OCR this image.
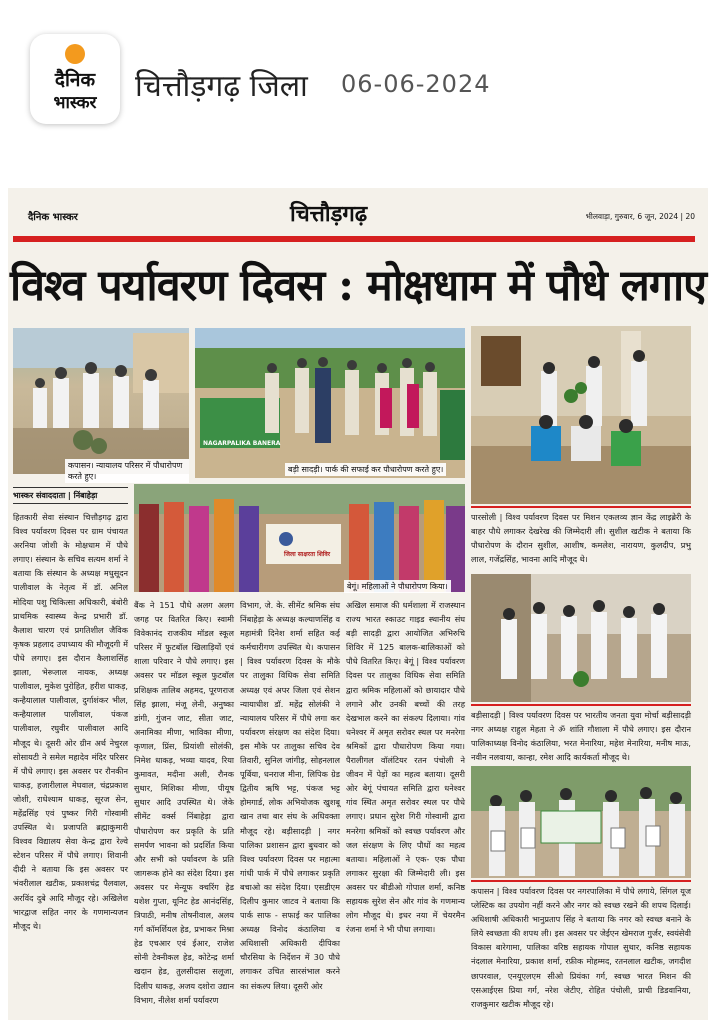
दैनिक
भास्कर	चित्तौड़गढ़ जिला 06-06-2024
दैनिक भास्कर	चित्तौड़गढ़	भीलवाड़ा, गुरुवार, 6 जून, 2024 | 20
विश्व पर्यावरण दिवस : मोक्षधाम में पौधे लगाए
कपासन। न्यायालय परिसर में पौधारोपण करते हुए।
NAGARPALIKA BANERA
बड़ी सादड़ी। पार्क की सफाई कर पौधारोपण करते हुए।
जिला साक्षरता शिविर
बेगूं। महिलाओं ने पौधारोपण किया।
भास्कर संवाददाता | निंबाहेड़ा
हितकारी सेवा संस्थान चित्तौड़गढ़ द्वारा विश्व पर्यावरण दिवस पर ग्राम पंचायत अरनिया जोशी के मोक्षधाम में पौधे लगाए। संस्थान के सचिव सत्यम शर्मा ने बताया कि संस्थान के अध्यक्ष मधुसूदन पालीवाल के नेतृत्व में डॉ. अनिल मोदिया पशु चिकित्सा अधिकारी, बंबोरी प्राथमिक स्वास्थ्य केन्द्र प्रभारी डॉ. कैलाश चारण एवं प्रगतिशील जैविक कृषक प्रहलाद उपाध्याय की मौजूदगी में पौधे लगाए। इस दौरान कैलाशसिंह झाला, भेरूलाल नायक, अध्यक्ष पालीवाल, मुकेश पुरोहित, हरीश धाकड़, कन्हैयालाल पालीवाल, दुर्गाशंकर भील, कन्हैयालाल पालीवाल, पंकज पालीवाल, रघुवीर पालीवाल आदि मौजूद थे। दूसरी ओर ग्रीन अर्थ नेचुरल सोसायटी ने समेल महादेव मंदिर परिसर में पौधे लगाए। इस अवसर पर रौनकीन धाकड़, हजारीलाल मेघवाल, चंद्रप्रकाश जोशी, राधेश्याम धाकड़, सूरज सेन, महेंद्रसिंह एवं पुष्कर गिरी गोस्वामी उपस्थित थे। प्रजापति ब्रह्माकुमारी विश्वव विद्यालय सेवा केन्द्र द्वारा रेल्वे स्टेशन परिसर में पौधे लगाए। शिवानी दीदी ने बताया कि इस अवसर पर भंवरीलाल खटीक, प्रकाशचंद्र पैलवाल, अरविंद दुबे आदि मौजूद रहे। अखिलेश भारद्वाज सहित नगर के गणमान्यजन मौजूद थे।
बैंक ने 151 पौधे अलग अलग जगह पर वितरित किए। स्वामी विवेकानंद राजकीय मॉडल स्कूल परिसर में फुटबॉल खिलाड़ियों एवं शाला परिवार ने पौधे लगाए। इस अवसर पर मॉडल स्कूल फुटबॉल प्रशिक्षक तालिब अहमद, पूरणराज सिंह झाला, मंजू लेनी, अनुष्का डांगी, गुंजन जाट, सीता जाट, अनामिका मीणा, भाविका मीणा, कृणाल, प्रिंस, प्रियांशी सोलंकी, निमेश धाकड़, भव्या यादव, रिया कुमावत, मदीना अली, रौनक सुथार, मिशिका मीणा, पीयूष सुथार आदि उपस्थित थे। जेके सीमेंट वर्क्स निंबाहेड़ा द्वारा पौधारोपण कर प्रकृति के प्रति समर्पण भावना को प्रदर्शित किया और सभी को पर्यावरण के प्रति जागरूक होने का संदेश दिया। इस अवसर पर मेन्यूफ क्चरिंग हेड यशेश गुप्ता, यूनिट हेड आनंदसिंह, त्रिपाठी, मनीष तोषनीवाल, अलय गर्ग कॉमर्शियल हेड, प्रभाकर मिश्रा हेड एचआर एवं ईआर, राजेश सोनी टेक्नीकल हेड, कोटेन्द्र शर्मा खदान हेड, तुलसीदास सलूजा, दिलीप धाकड़, अजय दशोरा उद्यान विभाग, नीलेश शर्मा पर्यावरण
विभाग, जे. के. सीमेंट श्रमिक संघ निंबाहेड़ा के अध्यक्ष कल्याणसिंह व महामंत्री दिनेश शर्मा सहित कई कर्मचारीगण उपस्थित थे। कपासन | विश्व पर्यावरण दिवस के मौके पर तालुका विधिक सेवा समिति अध्यक्ष एवं अपर जिला एवं सेशन न्यायाधीश डॉ. महेंद्र सोलंकी ने न्यायालय परिसर में पौधे लगा कर पर्यावरण संरक्षण का संदेश दिया। इस मौके पर तालुका सचिव देव तिवारी, सुनिल जांगीड़, सोहनलाल पूर्बिया, धनराज मीना, लिपिक ग्रेड द्वितीय ऋषि भट्ट, पंकज भट्ट होमगार्ड, लोक अभियोजक खुशबू खान तथा बार संघ के अधिवक्ता मौजूद रहे। बड़ीसादड़ी | नगर पालिका प्रशासन द्वारा बुधवार को विश्व पर्यावरण दिवस पर महात्मा गांधी पार्क में पौधे लगाकर प्रकृति बचाओ का संदेश दिया। एसडीएम दिलीप कुमार जाटव ने बताया कि पार्क साफ - सफाई कर पालिका अध्यक्ष विनोद कंठालिया व अधिशासी अधिकारी दीपिका चौरसिया के निर्देशन में 30 पौधे लगाकर उचित सारसंभाल करने का संकल्प लिया। दूसरी ओर
अखिल समाज की धर्मशाला में राजस्थान राज्य भारत स्काउट गाइड स्थानीय संघ बड़ी सादड़ी द्वारा आयोजित अभिरुचि शिविर में 125 बालक-बालिकाओं को पौधे वितरित किए। बेगूं | विश्व पर्यावरण दिवस पर तालुका विधिक सेवा समिति द्वारा श्रमिक महिलाओं को छायादार पौधे लगाने और उनकी बच्चों की तरह देखभाल करने का संकल्प दिलाया। गांव धनेश्वर में अमृत सरोवर स्थल पर मनरेगा श्रमिकों द्वारा पौधारोपण किया गया। पैरालीगल वॉलंटियर रतन पंचोली ने जीवन में पेड़ों का महत्व बताया। दूसरी ओर बेगूं पंचायत समिति द्वारा धनेश्वर गांव स्थित अमृत सरोवर स्थल पर पौधे लगाए। प्रधान सुरेश गिरी गोस्वामी द्वारा मनरेगा श्रमिकों को स्वच्छ पर्यावरण और जल संरक्षण के लिए पौधों का महत्व बताया। महिलाओं ने एक- एक पौधा लगाकर सुरक्षा की जिम्मेदारी ली। इस अवसर पर बीडीओ गोपाल शर्मा, कनिष्ठ सहायक सुरेश सेन और गांव के गणमान्य लोग मौजूद थे। इधर नया में चेयरमैन रंजना शर्मा ने भी पौधा लगाया।
पारसोली | विश्व पर्यावरण दिवस पर मिशन एकलव्य ज्ञान केंद्र लाइब्रेरी के बाहर पौधे लगाकर देखरेख की जिम्मेदारी ली। सुशील खटीक ने बताया कि पौधारोपण के दौरान सुशील, आशीष, कमलेश, नारायण, कुलदीप, प्रभु लाल, गजेंद्रसिंह, भावना आदि मौजूद थे।
बड़ीसादड़ी | विश्व पर्यावरण दिवस पर भारतीय जनता युवा मोर्चा बड़ीसादड़ी नगर अध्यक्ष राहुल मेहता ने ॐ शांति गौशाला में पौधे लगाए। इस दौरान पालिकाध्यक्ष विनोद कंठालिया, भरत मेनारिया, महेश मेनारिया, मनीष माऊ, नवीन नलवाया, कान्हा, रमेश आदि कार्यकर्ता मौजूद थे।
कपासन | विश्व पर्यावरण दिवस पर नगरपालिका में पौधे लगाये, सिंगल यूज प्लेस्टिक का उपयोग नहीं करने और नगर को स्वच्छ रखने की शपथ दिलाई। अधिशाषी अधिकारी भानुप्रताप सिंह ने बताया कि नगर को स्वच्छ बनाने के लिये स्वच्छता की शपथ ली। इस अवसर पर जेईएन खेमराज गुर्जर, स्वयंसेवी विकास बारेगामा, पालिका वरिष्ठ सहायक गोपाल सुथार, कनिष्ठ सहायक नंदलाल मेनारिया, प्रकाश शर्मा, रफ़ीक मोहम्मद, रतनलाल खटीक, जगदीश छापरवाल, एनयूएलएम सीओ प्रियंका गर्ग, स्वच्छ भारत मिशन की एसआईएस प्रिया गर्ग, नरेश जेटीए, रोहित पंचोली, प्राची डिडवानिया, राजकुमार खटीक मौजूद रहे।
